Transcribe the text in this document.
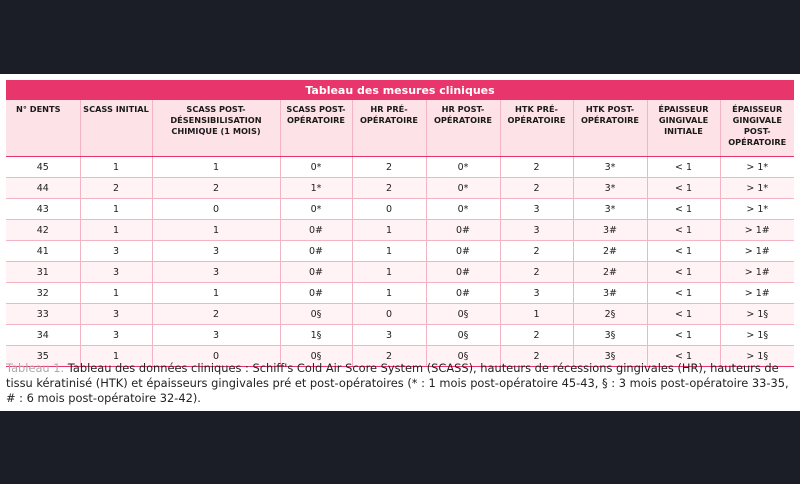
Tableau des mesures cliniques
N° DENTS	SCASS INITIAL	SCASS POST-DÉSENSIBILISATION CHIMIQUE (1 MOIS)	SCASS POST-OPÉRATOIRE	HR PRÉ-OPÉRATOIRE	HR POST-OPÉRATOIRE	HTK PRÉ-OPÉRATOIRE	HTK POST-OPÉRATOIRE	ÉPAISSEUR GINGIVALE INITIALE	ÉPAISSEUR GINGIVALE POST-OPÉRATOIRE
45	1	1	0*	2	0*	2	3*	< 1	> 1*
44	2	2	1*	2	0*	2	3*	< 1	> 1*
43	1	0	0*	0	0*	3	3*	< 1	> 1*
42	1	1	0#	1	0#	3	3#	< 1	> 1#
41	3	3	0#	1	0#	2	2#	< 1	> 1#
31	3	3	0#	1	0#	2	2#	< 1	> 1#
32	1	1	0#	1	0#	3	3#	< 1	> 1#
33	3	2	0§	0	0§	1	2§	< 1	> 1§
34	3	3	1§	3	0§	2	3§	< 1	> 1§
35	1	0	0§	2	0§	2	3§	< 1	> 1§
Tableau 1. Tableau des données cliniques : Schiff's Cold Air Score System (SCASS), hauteurs de récessions gingivales (HR), hauteurs de tissu kératinisé (HTK) et épaisseurs gingivales pré et post-opératoires (* : 1 mois post-opératoire 45-43, § : 3 mois post-opératoire 33-35, # : 6 mois post-opératoire 32-42).
